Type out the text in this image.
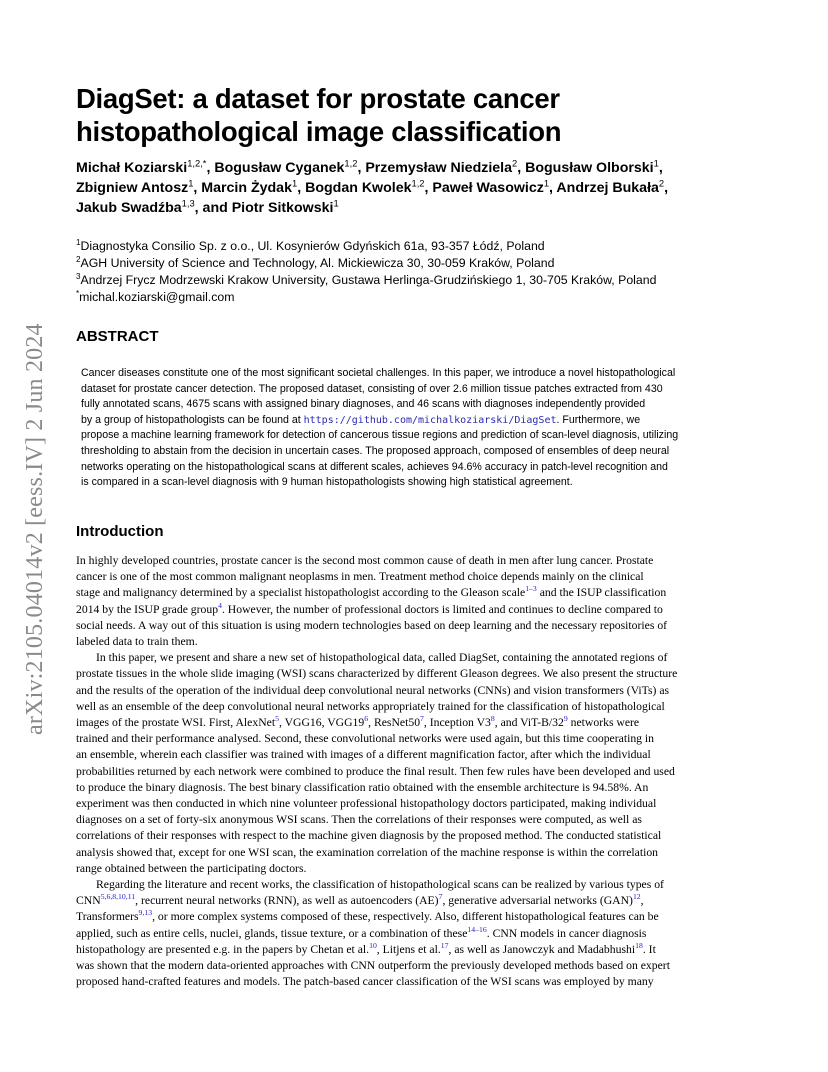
arXiv:2105.04014v2 [eess.IV] 2 Jun 2024
DiagSet: a dataset for prostate cancer
histopathological image classification
Michał Koziarski$^{1,2,*}$, Bogusław Cyganek$^{1,2}$, Przemysław Niedziela$^2$, Bogusław Olborski$^1$,
Zbigniew Antosz$^1$, Marcin Żydak$^1$, Bogdan Kwolek$^{1,2}$, Paweł Wasowicz$^1$, Andrzej Bukała$^2$,
Jakub Swadźba$^{1,3}$, and Piotr Sitkowski$^1$
$^1$Diagnostyka Consilio Sp. z o.o., Ul. Kosynierów Gdyńskich 61a, 93-357 Łódź, Poland
$^2$AGH University of Science and Technology, Al. Mickiewicza 30, 30-059 Kraków, Poland
$^3$Andrzej Frycz Modrzewski Krakow University, Gustawa Herlinga-Grudzińskiego 1, 30-705 Kraków, Poland
*michal.koziarski@gmail.com
ABSTRACT
Cancer diseases constitute one of the most significant societal challenges. In this paper, we introduce a novel histopathological
dataset for prostate cancer detection. The proposed dataset, consisting of over 2.6 million tissue patches extracted from 430
fully annotated scans, 4675 scans with assigned binary diagnoses, and 46 scans with diagnoses independently provided
by a group of histopathologists can be found at https://github.com/michalkoziarski/DiagSet. Furthermore, we
propose a machine learning framework for detection of cancerous tissue regions and prediction of scan-level diagnosis, utilizing
thresholding to abstain from the decision in uncertain cases. The proposed approach, composed of ensembles of deep neural
networks operating on the histopathological scans at different scales, achieves 94.6% accuracy in patch-level recognition and
is compared in a scan-level diagnosis with 9 human histopathologists showing high statistical agreement.
Introduction
In highly developed countries, prostate cancer is the second most common cause of death in men after lung cancer. Prostate
cancer is one of the most common malignant neoplasms in men. Treatment method choice depends mainly on the clinical
stage and malignancy determined by a specialist histopathologist according to the Gleason scale$^{1-3}$ and the ISUP classification
2014 by the ISUP grade group$^4$. However, the number of professional doctors is limited and continues to decline compared to
social needs. A way out of this situation is using modern technologies based on deep learning and the necessary repositories of
labeled data to train them.
In this paper, we present and share a new set of histopathological data, called DiagSet, containing the annotated regions of
prostate tissues in the whole slide imaging (WSI) scans characterized by different Gleason degrees. We also present the structure
and the results of the operation of the individual deep convolutional neural networks (CNNs) and vision transformers (ViTs) as
well as an ensemble of the deep convolutional neural networks appropriately trained for the classification of histopathological
images of the prostate WSI. First, AlexNet$^5$, VGG16, VGG19$^6$, ResNet50$^7$, Inception V3$^8$, and ViT-B/32$^9$ networks were
trained and their performance analysed. Second, these convolutional networks were used again, but this time cooperating in
an ensemble, wherein each classifier was trained with images of a different magnification factor, after which the individual
probabilities returned by each network were combined to produce the final result. Then few rules have been developed and used
to produce the binary diagnosis. The best binary classification ratio obtained with the ensemble architecture is 94.58%. An
experiment was then conducted in which nine volunteer professional histopathology doctors participated, making individual
diagnoses on a set of forty-six anonymous WSI scans. Then the correlations of their responses were computed, as well as
correlations of their responses with respect to the machine given diagnosis by the proposed method. The conducted statistical
analysis showed that, except for one WSI scan, the examination correlation of the machine response is within the correlation
range obtained between the participating doctors.
Regarding the literature and recent works, the classification of histopathological scans can be realized by various types of
CNN$^{5,6,8,10,11}$, recurrent neural networks (RNN), as well as autoencoders (AE)$^7$, generative adversarial networks (GAN)$^{12}$,
Transformers$^{9,13}$, or more complex systems composed of these, respectively. Also, different histopathological features can be
applied, such as entire cells, nuclei, glands, tissue texture, or a combination of these$^{14-16}$. CNN models in cancer diagnosis
histopathology are presented e.g. in the papers by Chetan et al.$^{10}$, Litjens et al.$^{17}$, as well as Janowczyk and Madabhushi$^{18}$. It
was shown that the modern data-oriented approaches with CNN outperform the previously developed methods based on expert
proposed hand-crafted features and models. The patch-based cancer classification of the WSI scans was employed by many
